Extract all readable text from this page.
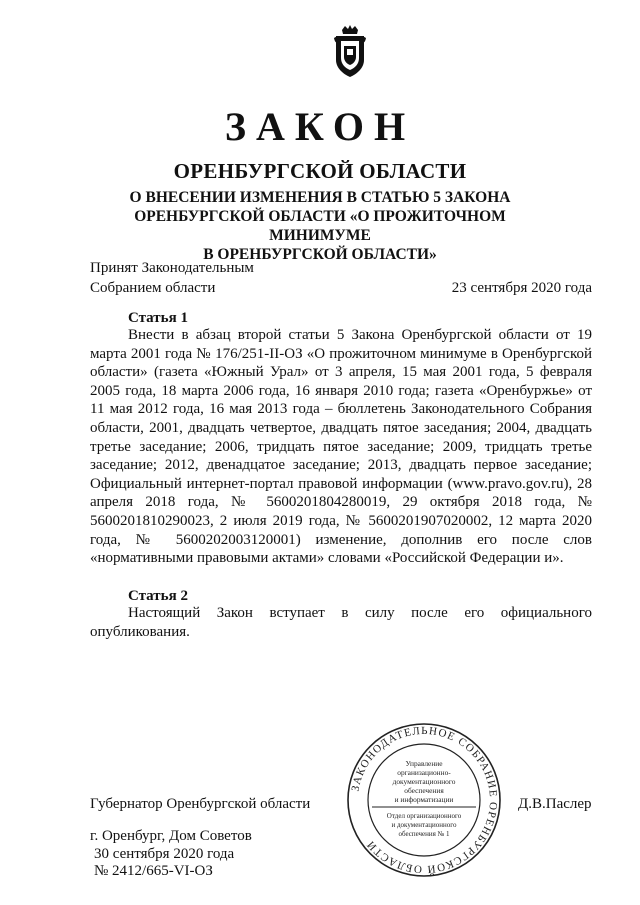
ЗАКОН
ОРЕНБУРГСКОЙ ОБЛАСТИ
О ВНЕСЕНИИ ИЗМЕНЕНИЯ В СТАТЬЮ 5 ЗАКОНА
ОРЕНБУРГСКОЙ ОБЛАСТИ «О ПРОЖИТОЧНОМ МИНИМУМЕ
В ОРЕНБУРГСКОЙ ОБЛАСТИ»
Принят Законодательным
Собранием области	23 сентября 2020 года
Статья 1

Внести в абзац второй статьи 5 Закона Оренбургской области от 19 марта 2001 года № 176/251-II-ОЗ «О прожиточном минимуме в Оренбургской области» (газета «Южный Урал» от 3 апреля, 15 мая 2001 года, 5 февраля 2005 года, 18 марта 2006 года, 16 января 2010 года; газета «Оренбуржье» от 11 мая 2012 года, 16 мая 2013 года – бюллетень Законодательного Собрания области, 2001, двадцать четвертое, двадцать пятое заседания; 2004, двадцать третье заседание; 2006, тридцать пятое заседание; 2009, тридцать третье заседание; 2012, двенадцатое заседание; 2013, двадцать первое заседание; Официальный интернет-портал правовой информации (www.pravo.gov.ru), 28 апреля 2018 года, № 5600201804280019, 29 октября 2018 года, № 5600201810290023, 2 июля 2019 года, № 5600201907020002, 12 марта 2020 года, № 5600202003120001) изменение, дополнив его после слов «нормативными правовыми актами» словами «Российской Федерации и».

Статья 2

Настоящий Закон вступает в силу после его официального опубликования.

ЗАКОНОДАТЕЛЬНОЕ СОБРАНИЕ ОРЕНБУРГСКОЙ ОБЛАСТИ
Управление
организационно-
документационного
обеспечения
и информатизации
Отдел организационного
и документационного
обеспечения № 1
Губернатор Оренбургской области	Д.В.Паслер
г. Оренбург, Дом Советов
30 сентября 2020 года
№ 2412/665-VI-ОЗ
